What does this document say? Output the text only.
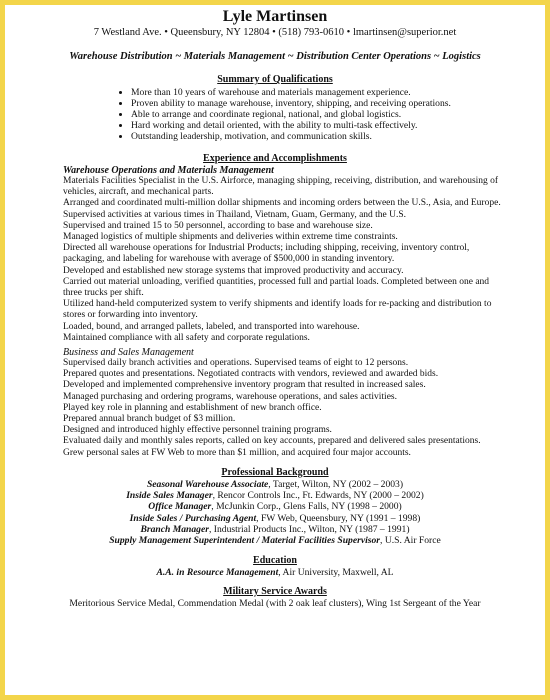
Lyle Martinsen
7 Westland Ave. • Queensbury, NY 12804 • (518) 793-0610 • lmartinsen@superior.net
Warehouse Distribution ~ Materials Management ~ Distribution Center Operations ~ Logistics
Summary of Qualifications
• More than 10 years of warehouse and materials management experience.
• Proven ability to manage warehouse, inventory, shipping, and receiving operations.
• Able to arrange and coordinate regional, national, and global logistics.
• Hard working and detail oriented, with the ability to multi-task effectively.
• Outstanding leadership, motivation, and communication skills.
Experience and Accomplishments
Warehouse Operations and Materials Management
Materials Facilities Specialist in the U.S. Airforce, managing shipping, receiving, distribution, and warehousing of vehicles, aircraft, and mechanical parts.
Arranged and coordinated multi-million dollar shipments and incoming orders between the U.S., Asia, and Europe. Supervised activities at various times in Thailand, Vietnam, Guam, Germany, and the U.S.
Supervised and trained 15 to 50 personnel, according to base and warehouse size.
Managed logistics of multiple shipments and deliveries within extreme time constraints.
Directed all warehouse operations for Industrial Products; including shipping, receiving, inventory control, packaging, and labeling for warehouse with average of $500,000 in standing inventory.
Developed and established new storage systems that improved productivity and accuracy.
Carried out material unloading, verified quantities, processed full and partial loads. Completed between one and three trucks per shift.
Utilized hand-held computerized system to verify shipments and identify loads for re-packing and distribution to stores or forwarding into inventory.
Loaded, bound, and arranged pallets, labeled, and transported into warehouse.
Maintained compliance with all safety and corporate regulations.
Business and Sales Management
Supervised daily branch activities and operations. Supervised teams of eight to 12 persons.
Prepared quotes and presentations. Negotiated contracts with vendors, reviewed and awarded bids.
Developed and implemented comprehensive inventory program that resulted in increased sales.
Managed purchasing and ordering programs, warehouse operations, and sales activities.
Played key role in planning and establishment of new branch office.
Prepared annual branch budget of $3 million.
Designed and introduced highly effective personnel training programs.
Evaluated daily and monthly sales reports, called on key accounts, prepared and delivered sales presentations.
Grew personal sales at FW Web to more than $1 million, and acquired four major accounts.
Professional Background
Seasonal Warehouse Associate, Target, Wilton, NY (2002 – 2003)
Inside Sales Manager, Rencor Controls Inc., Ft. Edwards, NY (2000 – 2002)
Office Manager, McJunkin Corp., Glens Falls, NY (1998 – 2000)
Inside Sales / Purchasing Agent, FW Web, Queensbury, NY (1991 – 1998)
Branch Manager, Industrial Products Inc., Wilton, NY (1987 – 1991)
Supply Management Superintendent / Material Facilities Supervisor, U.S. Air Force
Education
A.A. in Resource Management, Air University, Maxwell, AL
Military Service Awards
Meritorious Service Medal, Commendation Medal (with 2 oak leaf clusters), Wing 1st Sergeant of the Year
